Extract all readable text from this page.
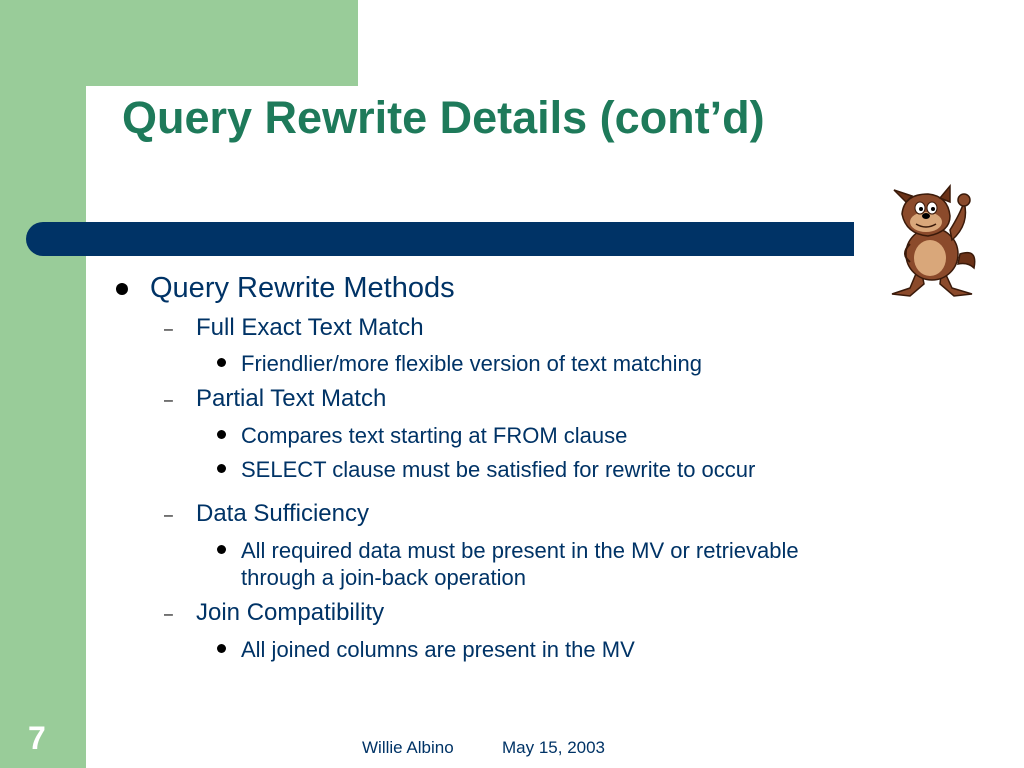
Query Rewrite Details (cont’d)
Query Rewrite Methods
– Full Exact Text Match
Friendlier/more flexible version of text matching
– Partial Text Match
Compares text starting at FROM clause
SELECT clause must be satisfied for rewrite to occur
– Data Sufficiency
All required data must be present in the MV or retrievable
through a join-back operation
– Join Compatibility
All joined columns are present in the MV
7	Willie Albino	May 15, 2003
